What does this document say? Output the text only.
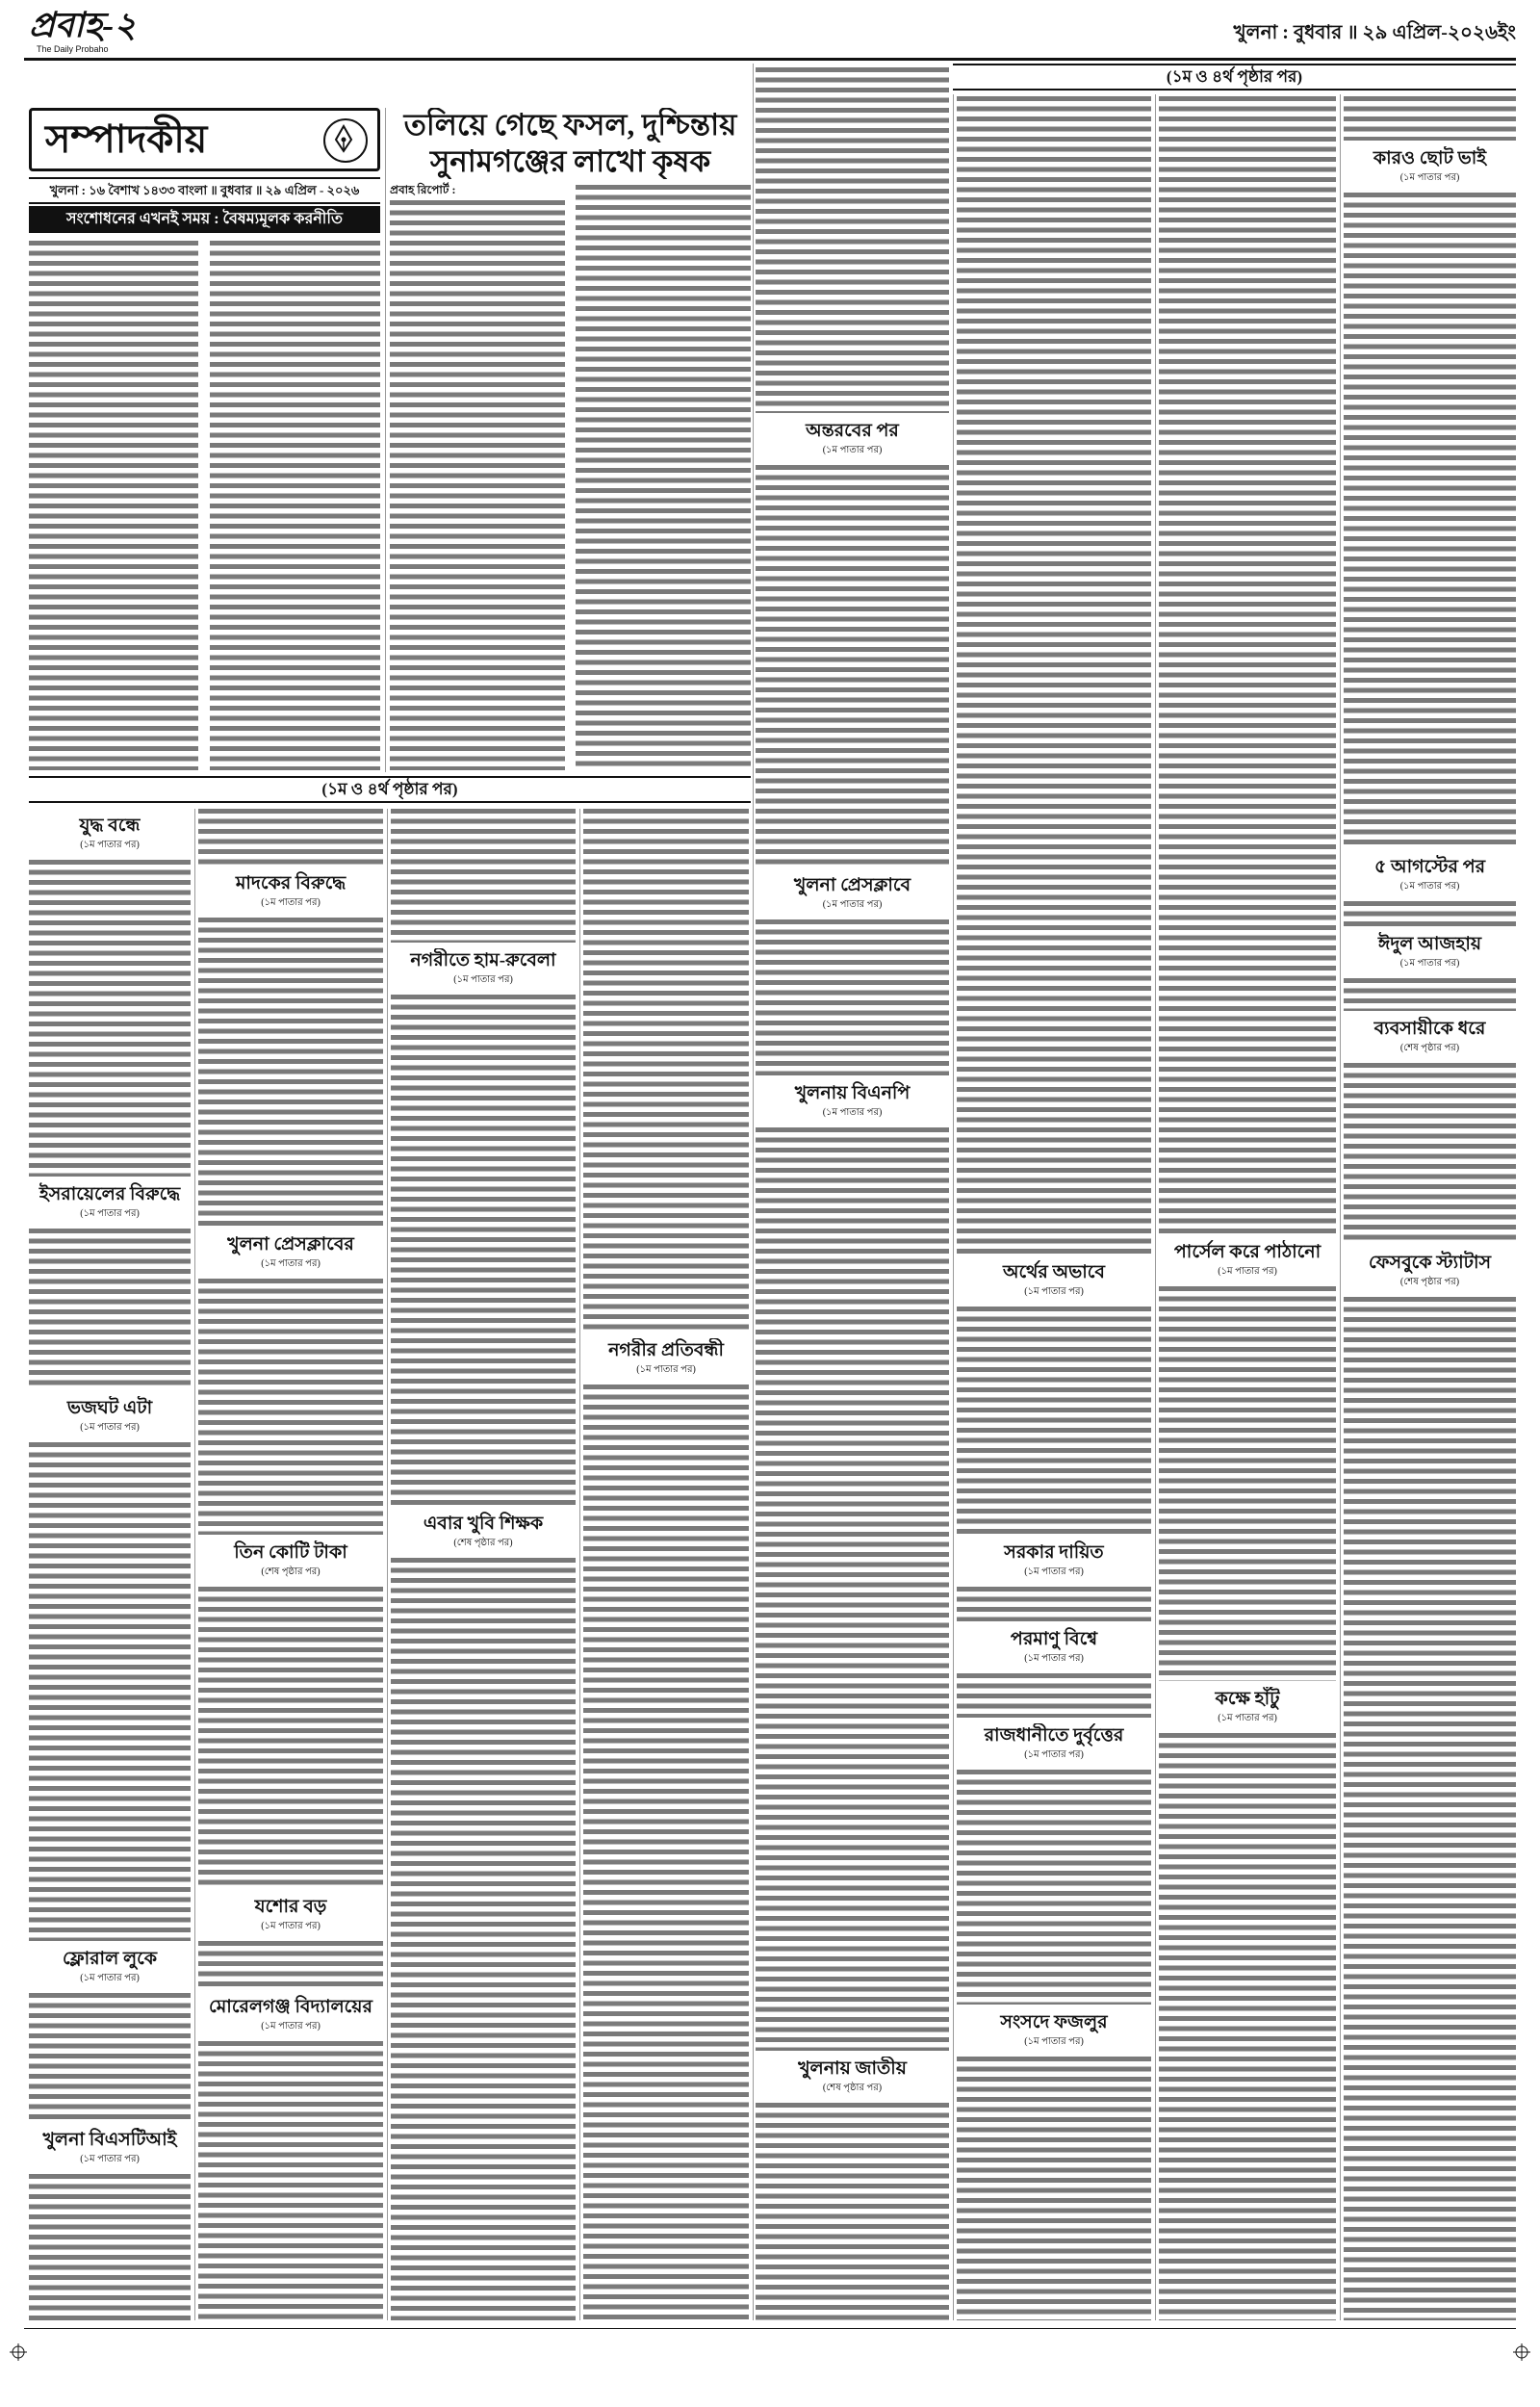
প্রবাহ-২
The Daily Probaho
খুলনা : বুধবার ॥ ২৯ এপ্রিল-২০২৬ইং
(১ম ও ৪র্থ পৃষ্ঠার পর)
সম্পাদকীয়
খুলনা : ১৬ বৈশাখ ১৪৩৩ বাংলা ॥ বুধবার ॥ ২৯ এপ্রিল - ২০২৬
সংশোধনের এখনই সময় : বৈষম্যমূলক করনীতি
তলিয়ে গেছে ফসল, দুশ্চিন্তায়
সুনামগঞ্জের লাখো কৃষক
প্রবাহ রিপোর্ট :
(১ম ও ৪র্থ পৃষ্ঠার পর)
যুদ্ধ বন্ধে
(১ম পাতার পর)
ইসরায়েলের বিরুদ্ধে
(১ম পাতার পর)
ভজঘট এটা
(১ম পাতার পর)
ফ্লোরাল লুকে
(১ম পাতার পর)
খুলনা বিএসটিআই
(১ম পাতার পর)
মাদকের বিরুদ্ধে
(১ম পাতার পর)
খুলনা প্রেসক্লাবের
(১ম পাতার পর)
তিন কোটি টাকা
(শেষ পৃষ্ঠার পর)
যশোর বড়
(১ম পাতার পর)
মোরেলগঞ্জ বিদ্যালয়ের
(১ম পাতার পর)
নগরীতে হাম-রুবেলা
(১ম পাতার পর)
এবার খুবি শিক্ষক
(শেষ পৃষ্ঠার পর)
নগরীর প্রতিবন্ধী
(১ম পাতার পর)
অন্তরবের পর
(১ম পাতার পর)
খুলনা প্রেসক্লাবে
(১ম পাতার পর)
খুলনায় বিএনপি
(১ম পাতার পর)
খুলনায় জাতীয়
(শেষ পৃষ্ঠার পর)
অর্থের অভাবে
(১ম পাতার পর)
সরকার দায়িত
(১ম পাতার পর)
পরমাণু বিশ্বে
(১ম পাতার পর)
রাজধানীতে দুর্বৃত্তের
(১ম পাতার পর)
সংসদে ফজলুর
(১ম পাতার পর)
পার্সেল করে পাঠানো
(১ম পাতার পর)
কক্ষে হাঁটু
(১ম পাতার পর)
কারও ছোট ভাই
(১ম পাতার পর)
৫ আগস্টের পর
(১ম পাতার পর)
ঈদুল আজহায়
(১ম পাতার পর)
ব্যবসায়ীকে ধরে
(শেষ পৃষ্ঠার পর)
ফেসবুকে স্ট্যাটাস
(শেষ পৃষ্ঠার পর)
